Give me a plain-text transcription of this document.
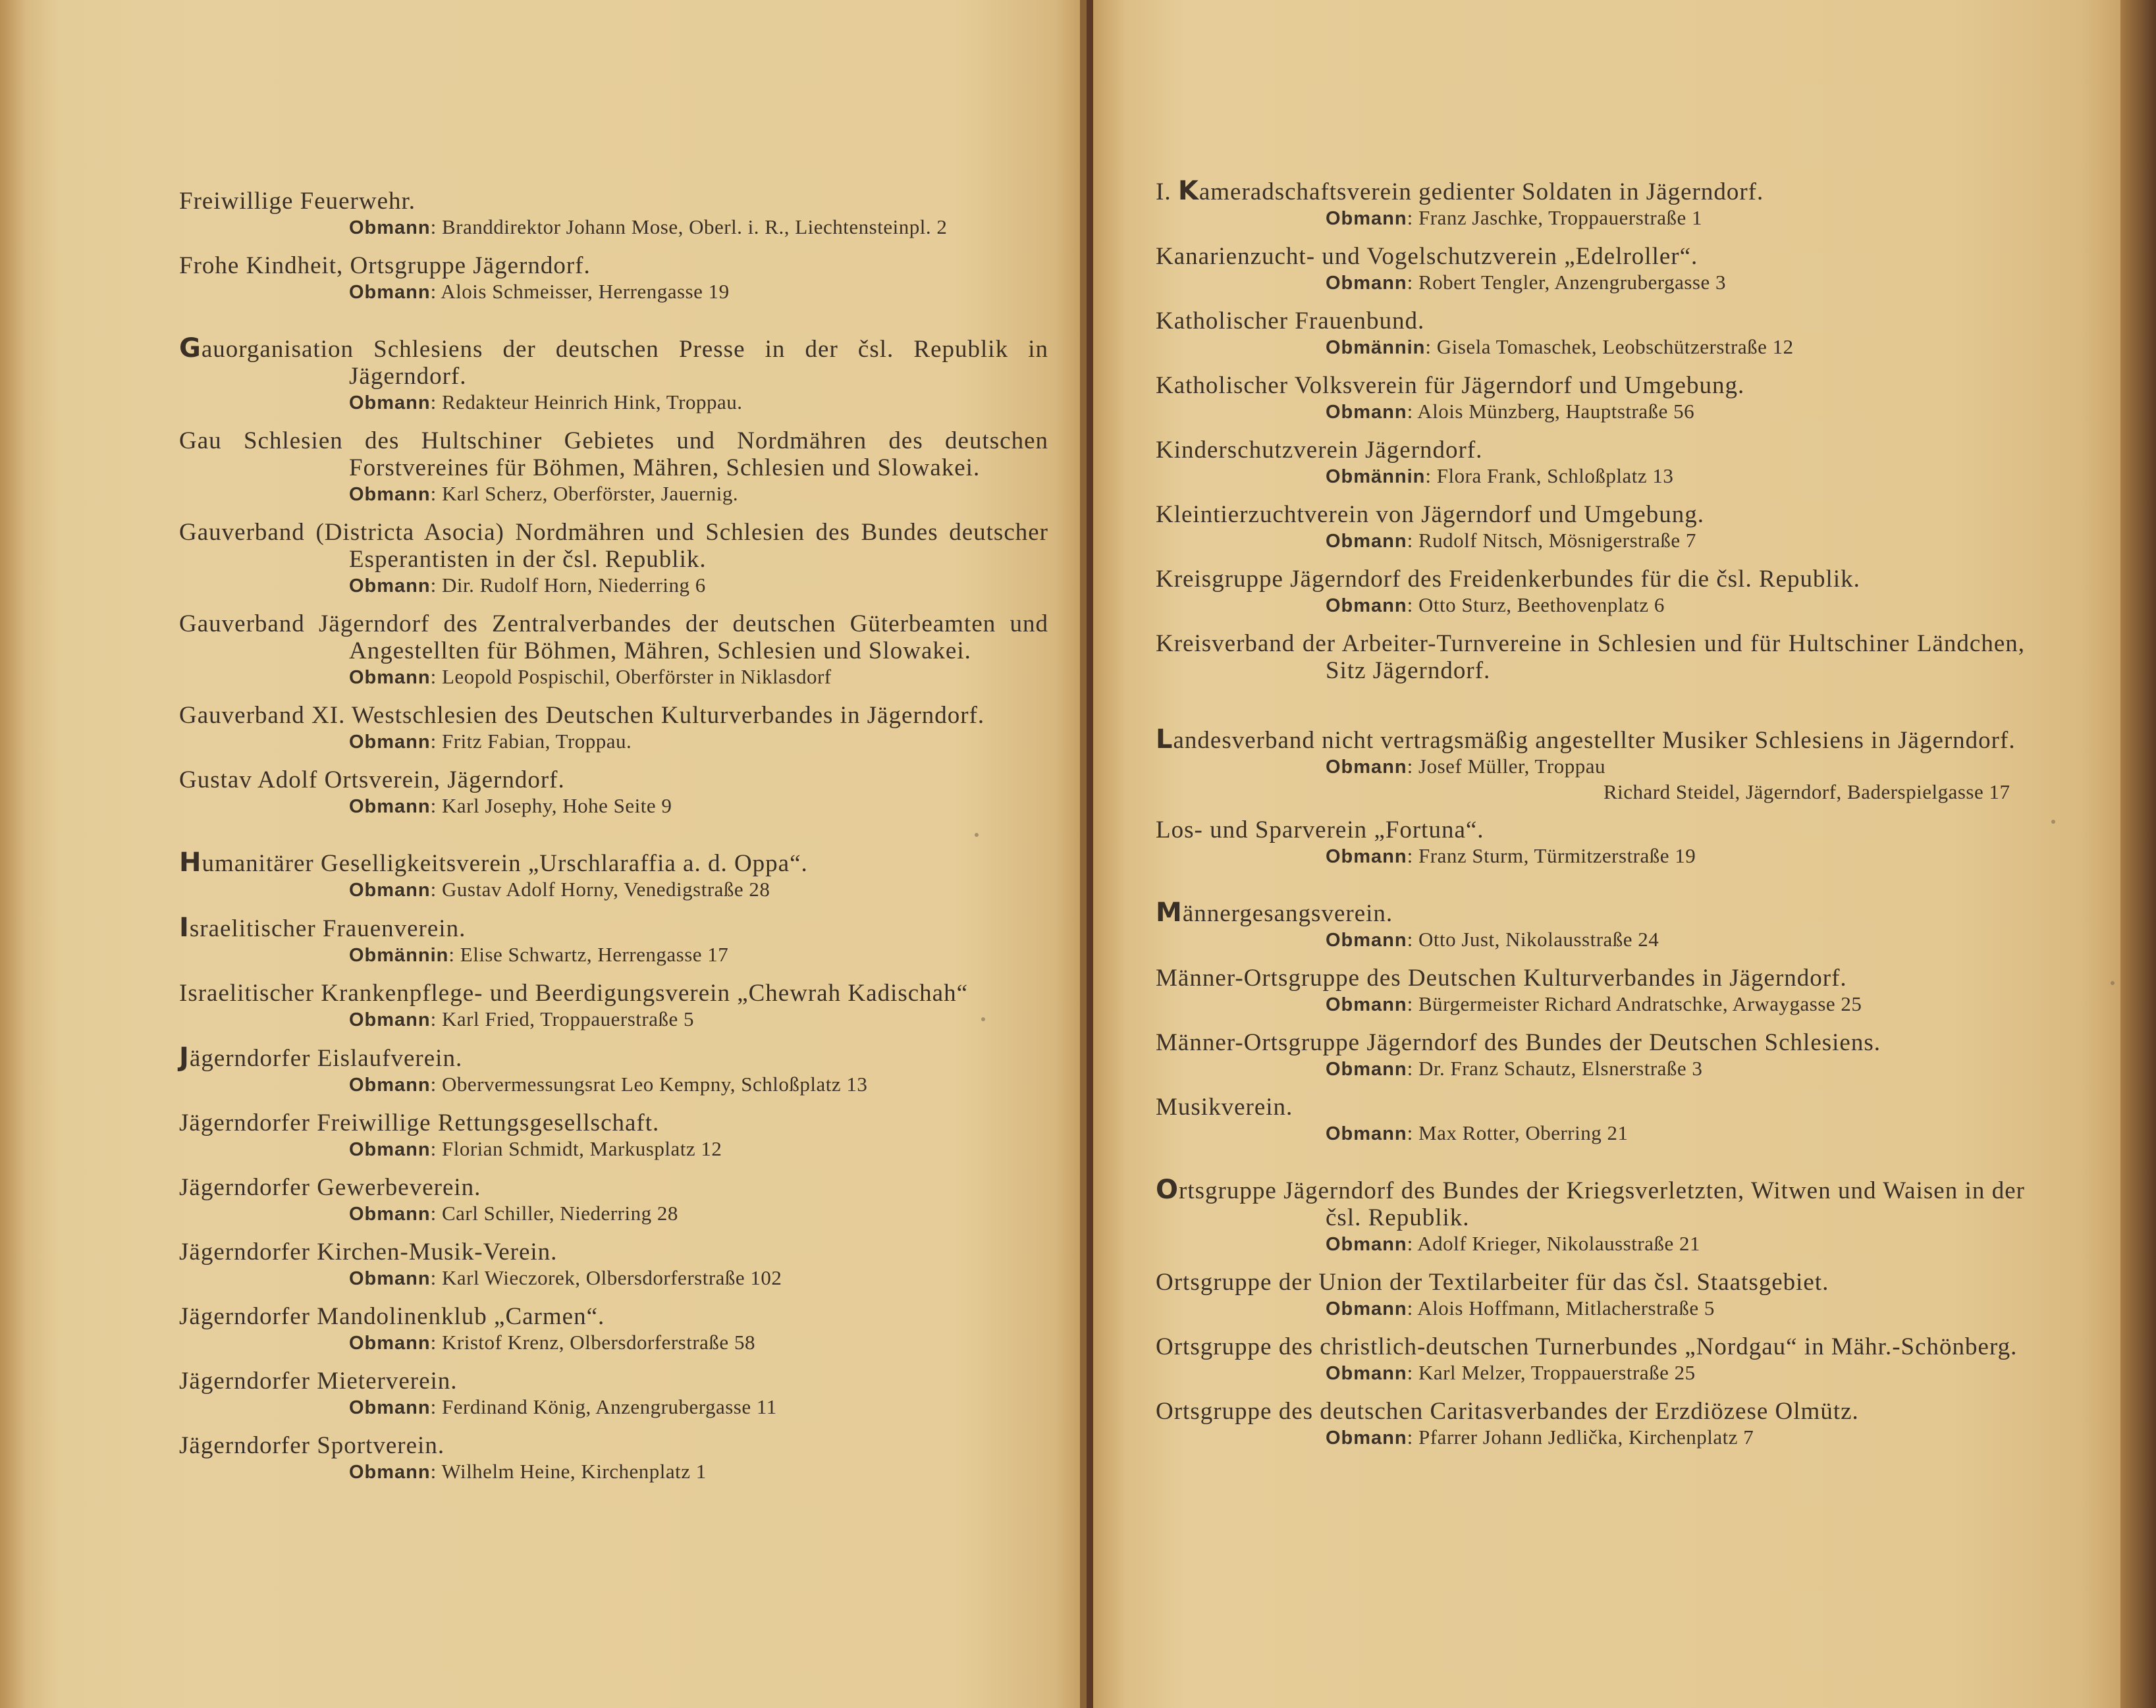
Freiwillige Feuerwehr.
Obmann: Branddirektor Johann Mose, Oberl. i. R., Liechtensteinpl. 2
Frohe Kindheit, Ortsgruppe Jägerndorf.
Obmann: Alois Schmeisser, Herrengasse 19
Gauorganisation Schlesiens der deutschen Presse in der čsl. Republik in Jägerndorf.
Obmann: Redakteur Heinrich Hink, Troppau.
Gau Schlesien des Hultschiner Gebietes und Nordmähren des deutschen Forstvereines für Böhmen, Mähren, Schlesien und Slowakei.
Obmann: Karl Scherz, Oberförster, Jauernig.
Gauverband (Districta Asocia) Nordmähren und Schlesien des Bundes deutscher Esperantisten in der čsl. Republik.
Obmann: Dir. Rudolf Horn, Niederring 6
Gauverband Jägerndorf des Zentralverbandes der deutschen Güterbeamten und Angestellten für Böhmen, Mähren, Schlesien und Slowakei.
Obmann: Leopold Pospischil, Oberförster in Niklasdorf
Gauverband XI. Westschlesien des Deutschen Kulturverbandes in Jägerndorf.
Obmann: Fritz Fabian, Troppau.
Gustav Adolf Ortsverein, Jägerndorf.
Obmann: Karl Josephy, Hohe Seite 9
Humanitärer Geselligkeitsverein „Urschlaraffia a. d. Oppa“.
Obmann: Gustav Adolf Horny, Venedigstraße 28
Israelitischer Frauenverein.
Obmännin: Elise Schwartz, Herrengasse 17
Israelitischer Krankenpflege- und Beerdigungsverein „Chewrah Kadischah“
Obmann: Karl Fried, Troppauerstraße 5
Jägerndorfer Eislaufverein.
Obmann: Obervermessungsrat Leo Kempny, Schloßplatz 13
Jägerndorfer Freiwillige Rettungsgesellschaft.
Obmann: Florian Schmidt, Markusplatz 12
Jägerndorfer Gewerbeverein.
Obmann: Carl Schiller, Niederring 28
Jägerndorfer Kirchen-Musik-Verein.
Obmann: Karl Wieczorek, Olbersdorferstraße 102
Jägerndorfer Mandolinenklub „Carmen“.
Obmann: Kristof Krenz, Olbersdorferstraße 58
Jägerndorfer Mieterverein.
Obmann: Ferdinand König, Anzengrubergasse 11
Jägerndorfer Sportverein.
Obmann: Wilhelm Heine, Kirchenplatz 1
I. Kameradschaftsverein gedienter Soldaten in Jägerndorf.
Obmann: Franz Jaschke, Troppauerstraße 1
Kanarienzucht- und Vogelschutzverein „Edelroller“.
Obmann: Robert Tengler, Anzengrubergasse 3
Katholischer Frauenbund.
Obmännin: Gisela Tomaschek, Leobschützerstraße 12
Katholischer Volksverein für Jägerndorf und Umgebung.
Obmann: Alois Münzberg, Hauptstraße 56
Kinderschutzverein Jägerndorf.
Obmännin: Flora Frank, Schloßplatz 13
Kleintierzuchtverein von Jägerndorf und Umgebung.
Obmann: Rudolf Nitsch, Mösnigerstraße 7
Kreisgruppe Jägerndorf des Freidenkerbundes für die čsl. Republik.
Obmann: Otto Sturz, Beethovenplatz 6
Kreisverband der Arbeiter-Turnvereine in Schlesien und für Hultschiner Ländchen, Sitz Jägerndorf.
Landesverband nicht vertragsmäßig angestellter Musiker Schlesiens in Jägerndorf.
Obmann: Josef Müller, Troppau
Richard Steidel, Jägerndorf, Baderspielgasse 17
Los- und Sparverein „Fortuna“.
Obmann: Franz Sturm, Türmitzerstraße 19
Männergesangsverein.
Obmann: Otto Just, Nikolausstraße 24
Männer-Ortsgruppe des Deutschen Kulturverbandes in Jägerndorf.
Obmann: Bürgermeister Richard Andratschke, Arwaygasse 25
Männer-Ortsgruppe Jägerndorf des Bundes der Deutschen Schlesiens.
Obmann: Dr. Franz Schautz, Elsnerstraße 3
Musikverein.
Obmann: Max Rotter, Oberring 21
Ortsgruppe Jägerndorf des Bundes der Kriegsverletzten, Witwen und Waisen in der čsl. Republik.
Obmann: Adolf Krieger, Nikolausstraße 21
Ortsgruppe der Union der Textilarbeiter für das čsl. Staatsgebiet.
Obmann: Alois Hoffmann, Mitlacherstraße 5
Ortsgruppe des christlich-deutschen Turnerbundes „Nordgau“ in Mähr.-Schönberg.
Obmann: Karl Melzer, Troppauerstraße 25
Ortsgruppe des deutschen Caritasverbandes der Erzdiözese Olmütz.
Obmann: Pfarrer Johann Jedlička, Kirchenplatz 7
